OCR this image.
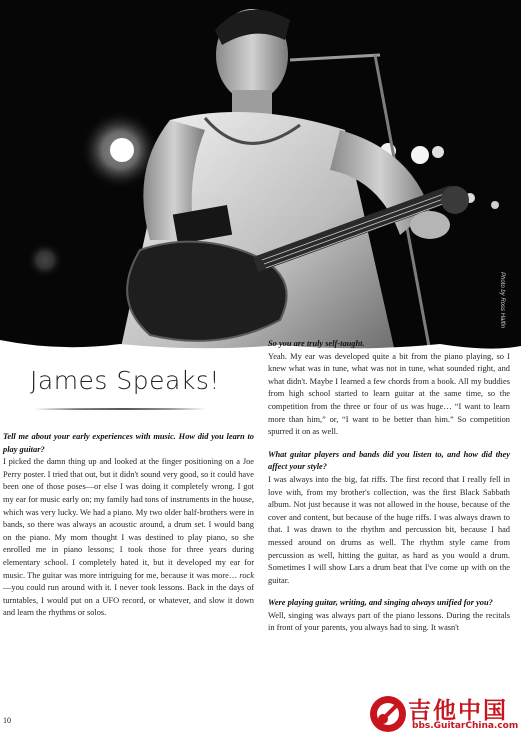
Photo by Ross Halfin
James Speaks!

Tell me about your early experiences with music. How did you learn to play guitar?

I picked the damn thing up and looked at the finger positioning on a Joe Perry poster. I tried that out, but it didn't sound very good, so it could have been one of those poses—or else I was doing it completely wrong. I got my ear for music early on; my family had tons of instruments in the house, which was very lucky. We had a piano. My two older half-brothers were in bands, so there was always an acoustic around, a drum set. I would bang on the piano. My mom thought I was destined to play piano, so she enrolled me in piano lessons; I took those for three years during elementary school. I completely hated it, but it developed my ear for music. The guitar was more intriguing for me, because it was more… rock—you could run around with it. I never took lessons. Back in the days of turntables, I would put on a UFO record, or whatever, and slow it down and learn the rhythms or solos.

So you are truly self-taught.

Yeah. My ear was developed quite a bit from the piano playing, so I knew what was in tune, what was not in tune, what sounded right, and what didn't. Maybe I learned a few chords from a book. All my buddies from high school started to learn guitar at the same time, so the competition from the three or four of us was huge… “I want to learn more than him,” or, “I want to be better than him.” So competition spurred it on as well.

What guitar players and bands did you listen to, and how did they affect your style?

I was always into the big, fat riffs. The first record that I really fell in love with, from my brother's collection, was the first Black Sabbath album. Not just because it was not allowed in the house, because of the cover and content, but because of the huge riffs. I was always drawn to that. I was drawn to the rhythm and percussion bit, because I had messed around on drums as well. The rhythm style came from percussion as well, hitting the guitar, as hard as you would a drum. Sometimes I will show Lars a drum beat that I've come up with on the guitar.

Were playing guitar, writing, and singing always unified for you?

Well, singing was always part of the piano lessons. During the recitals in front of your parents, you always had to sing. It wasn't

10	吉他中国
bbs.GuitarChina.com
